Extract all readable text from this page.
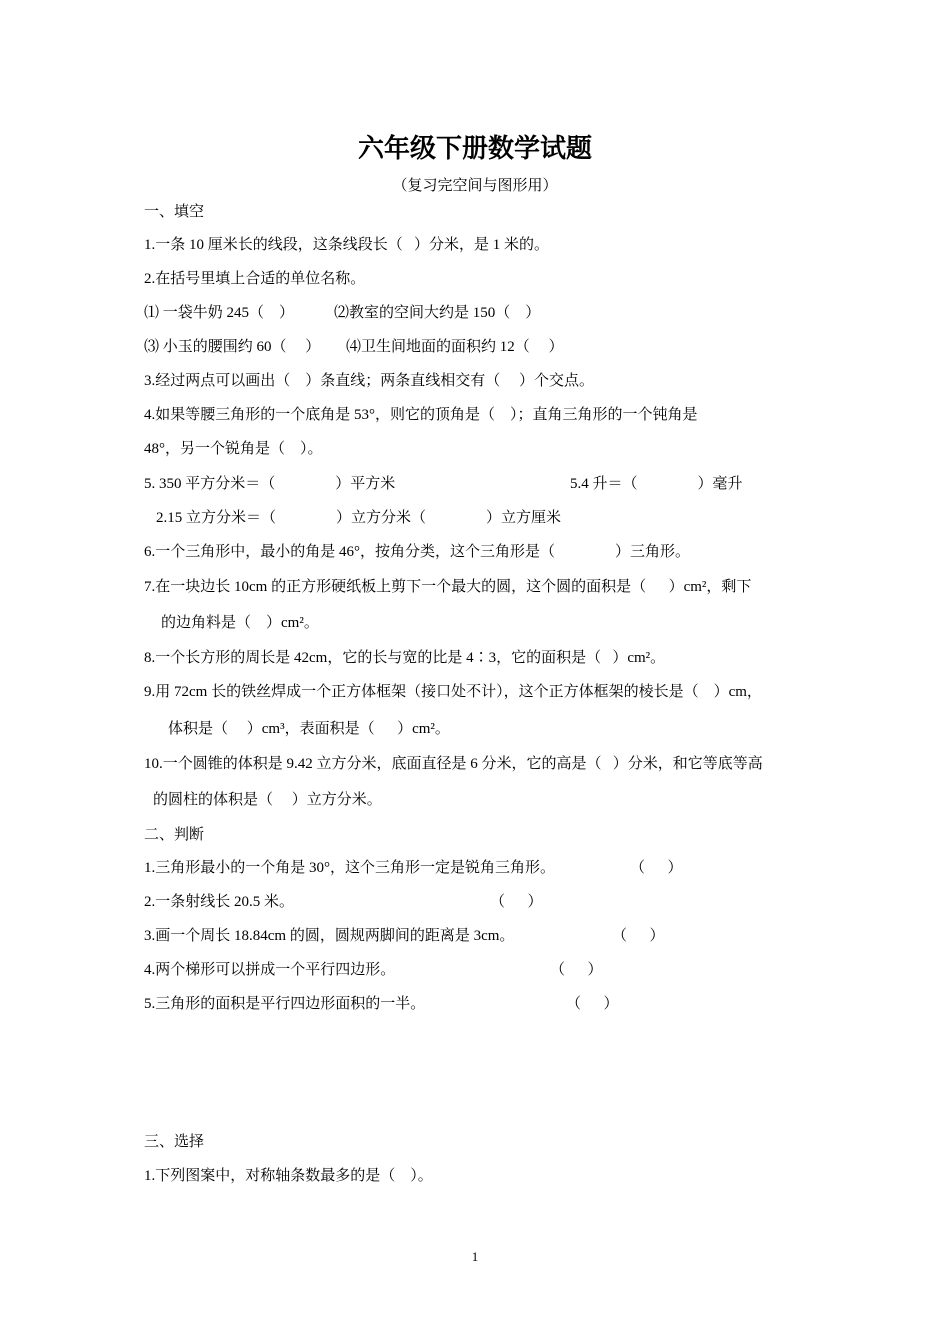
六年级下册数学试题
（复习完空间与图形用）
一、填空
1.一条 10 厘米长的线段，这条线段长（   ）分米，是 1 米的。
2.在括号里填上合适的单位名称。
⑴ 一袋牛奶 245（    ）	⑵教室的空间大约是 150（    ）
⑶ 小玉的腰围约 60（     ） ⑷卫生间地面的面积约 12（     ）
3.经过两点可以画出（    ）条直线；两条直线相交有（     ）个交点。
4.如果等腰三角形的一个底角是 53°，则它的顶角是（    ）；直角三角形的一个钝角是
48°，另一个锐角是（    ）。
5. 350 平方分米＝（                ）平方米	5.4 升＝（                ）毫升
2.15 立方分米＝（                ）立方分米（                ）立方厘米
6.一个三角形中，最小的角是 46°，按角分类，这个三角形是（                ）三角形。
7.在一块边长 10cm 的正方形硬纸板上剪下一个最大的圆，这个圆的面积是（      ）cm²，剩下
的边角料是（    ）cm²。
8.一个长方形的周长是 42cm，它的长与宽的比是 4∶3，它的面积是（   ）cm²。
9.用 72cm 长的铁丝焊成一个正方体框架（接口处不计），这个正方体框架的棱长是（    ）cm，
体积是（     ）cm³，表面积是（      ）cm²。
10.一个圆锥的体积是 9.42 立方分米，底面直径是 6 分米，它的高是（   ）分米，和它等底等高
的圆柱的体积是（     ）立方分米。
二、判断
1.三角形最小的一个角是 30°，这个三角形一定是锐角三角形。	（      ）
2.一条射线长 20.5 米。	（      ）
3.画一个周长 18.84cm 的圆，圆规两脚间的距离是 3cm。	（      ）
4.两个梯形可以拼成一个平行四边形。	（      ）
5.三角形的面积是平行四边形面积的一半。	（      ）
三、选择
1.下列图案中，对称轴条数最多的是（    ）。
1
